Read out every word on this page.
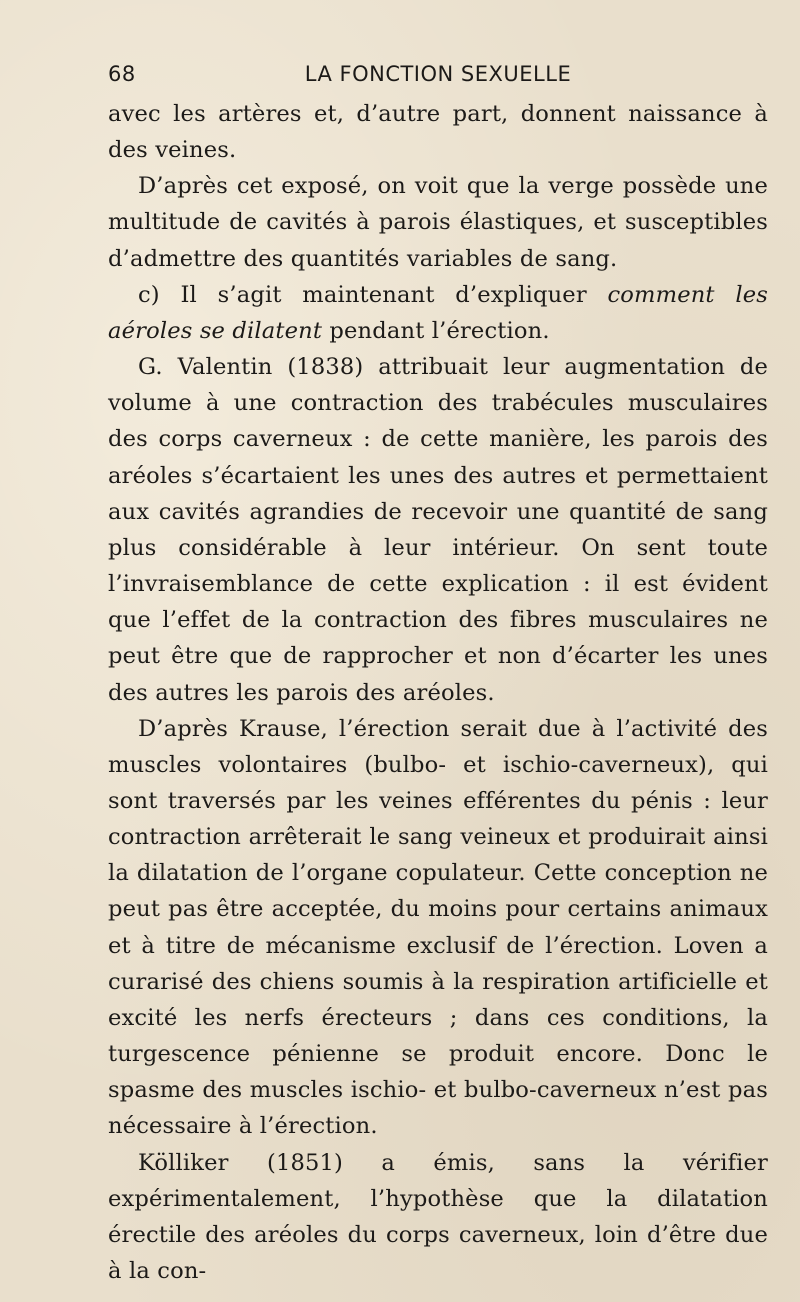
68	LA FONCTION SEXUELLE

avec les artères et, d’autre part, donnent naissance à des veines.

D’après cet exposé, on voit que la verge possède une multitude de cavités à parois élastiques, et susceptibles d’admettre des quantités variables de sang.

c) Il s’agit maintenant d’expliquer comment les aéroles se dilatent pendant l’érection.

G. Valentin (1838) attribuait leur augmentation de volume à une contraction des trabécules musculaires des corps caverneux : de cette manière, les parois des aréoles s’écartaient les unes des autres et permettaient aux cavités agrandies de recevoir une quantité de sang plus considérable à leur intérieur. On sent toute l’invraisemblance de cette explication : il est évident que l’effet de la contraction des fibres musculaires ne peut être que de rapprocher et non d’écarter les unes des autres les parois des aréoles.

D’après Krause, l’érection serait due à l’activité des muscles volontaires (bulbo- et ischio-caverneux), qui sont traversés par les veines efférentes du pénis : leur contraction arrêterait le sang veineux et produirait ainsi la dilatation de l’organe copulateur. Cette conception ne peut pas être acceptée, du moins pour certains animaux et à titre de mécanisme exclusif de l’érection. Loven a curarisé des chiens soumis à la respiration artificielle et excité les nerfs érecteurs ; dans ces conditions, la turgescence pénienne se produit encore. Donc le spasme des muscles ischio- et bulbo-caverneux n’est pas nécessaire à l’érection.

Kölliker (1851) a émis, sans la vérifier expérimentalement, l’hypothèse que la dilatation érectile des aréoles du corps caverneux, loin d’être due à la con-
